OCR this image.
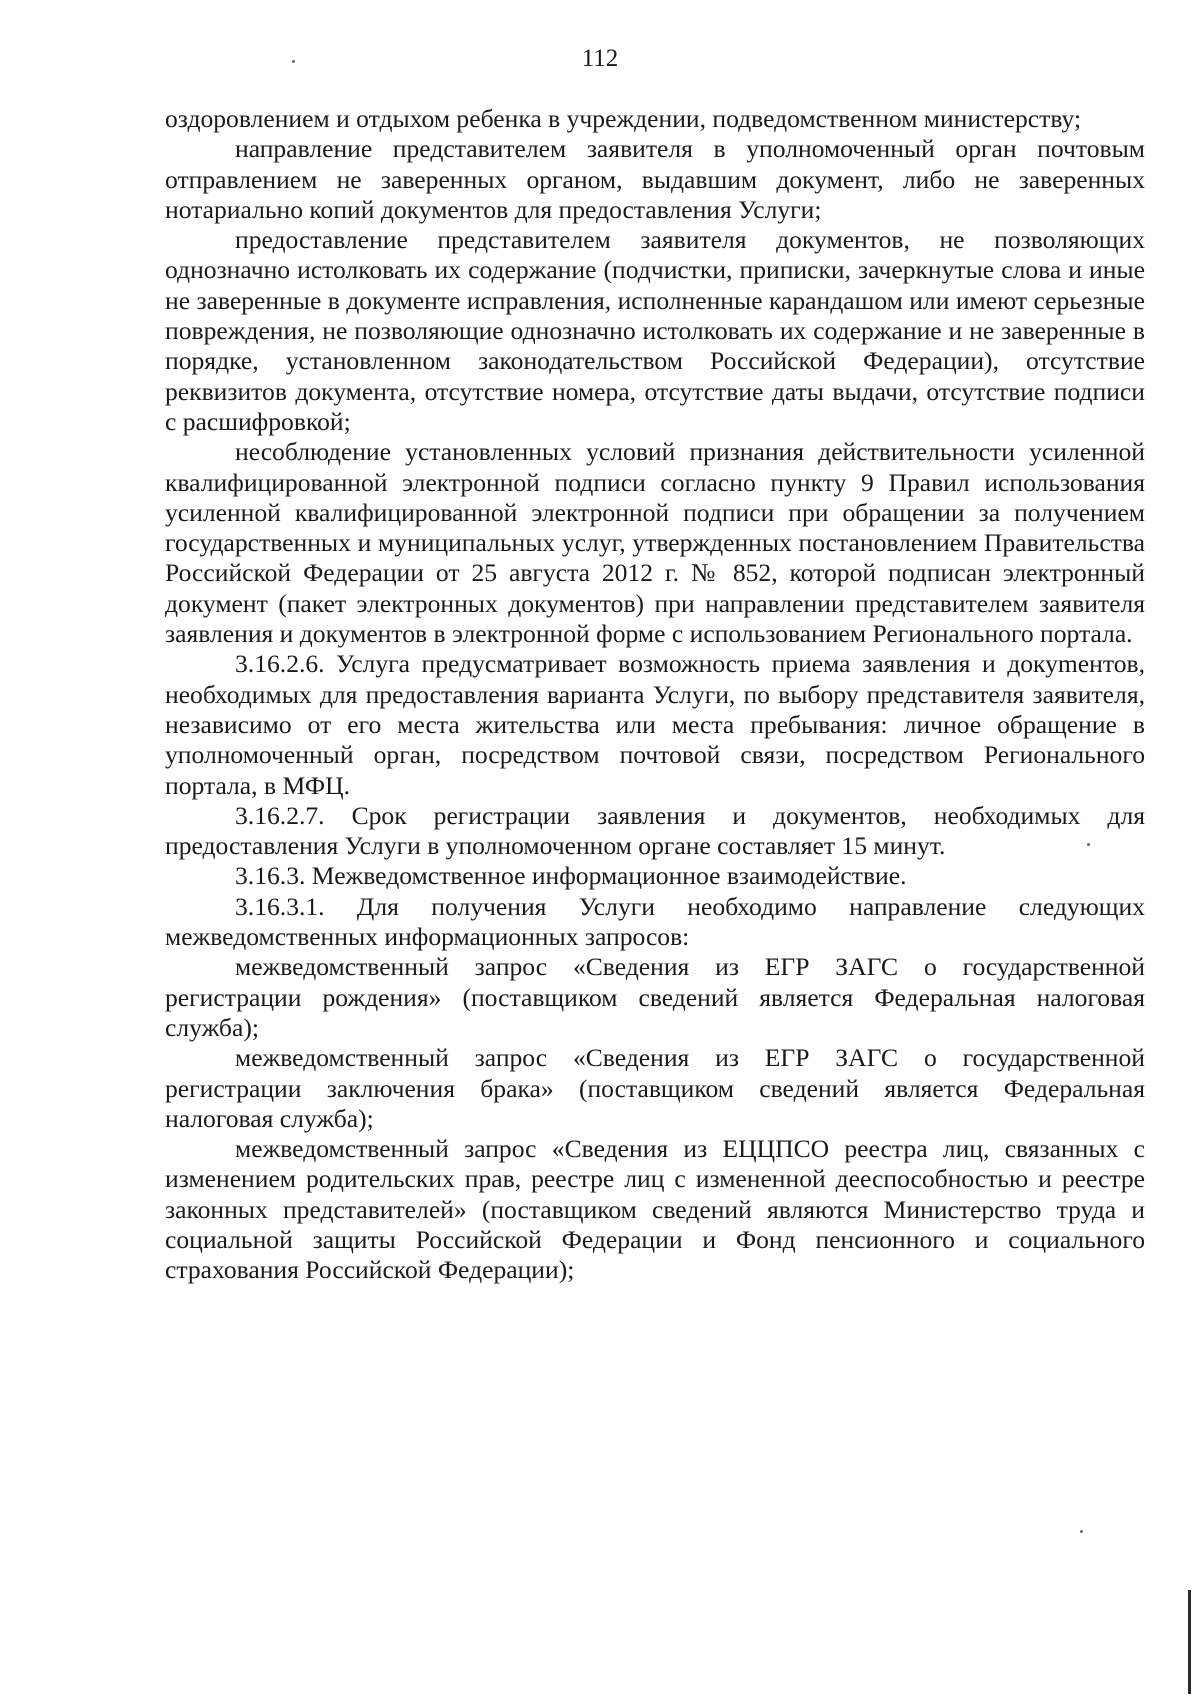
112

оздоровлением и отдыхом ребенка в учреждении, подведомственном министерству;

направление представителем заявителя в уполномоченный орган почтовым отправлением не заверенных органом, выдавшим документ, либо не заверенных нотариально копий документов для предоставления Услуги;

предоставление представителем заявителя документов, не позволяющих однозначно истолковать их содержание (подчистки, приписки, зачеркнутые слова и иные не заверенные в документе исправления, исполненные карандашом или имеют серьезные повреждения, не позволяющие однозначно истолковать их содержание и не заверенные в порядке, установленном законодательством Российской Федерации), отсутствие реквизитов документа, отсутствие номера, отсутствие даты выдачи, отсутствие подписи с расшифровкой;

несоблюдение установленных условий признания действительности усиленной квалифицированной электронной подписи согласно пункту 9 Правил использования усиленной квалифицированной электронной подписи при обращении за получением государственных и муниципальных услуг, утвержденных постановлением Правительства Российской Федерации от 25 августа 2012 г. № 852, которой подписан электронный документ (пакет электронных документов) при направлении представителем заявителя заявления и документов в электронной форме с использованием Регионального портала.

3.16.2.6. Услуга предусматривает возможность приема заявления и докуmентов, необходимых для предоставления варианта Услуги, по выбору представителя заявителя, независимо от его места жительства или места пребывания: личное обращение в уполномоченный орган, посредством почтовой связи, посредством Регионального портала, в МФЦ.

3.16.2.7. Срок регистрации заявления и документов, необходимых для предоставления Услуги в уполномоченном органе составляет 15 минут.

3.16.3. Межведомственное информационное взаимодействие.

3.16.3.1. Для получения Услуги необходимо направление следующих межведомственных информационных запросов:

межведомственный запрос «Сведения из ЕГР ЗАГС о государственной регистрации рождения» (поставщиком сведений является Федеральная налоговая служба);

межведомственный запрос «Сведения из ЕГР ЗАГС о государственной регистрации заключения брака» (поставщиком сведений является Федеральная налоговая служба);

межведомственный запрос «Сведения из ЕЦЦПСО реестра лиц, связанных с изменением родительских прав, реестре лиц с измененной дееспособностью и реестре законных представителей» (поставщиком сведений являются Министерство труда и социальной защиты Российской Федерации и Фонд пенсионного и социального страхования Российской Федерации);
